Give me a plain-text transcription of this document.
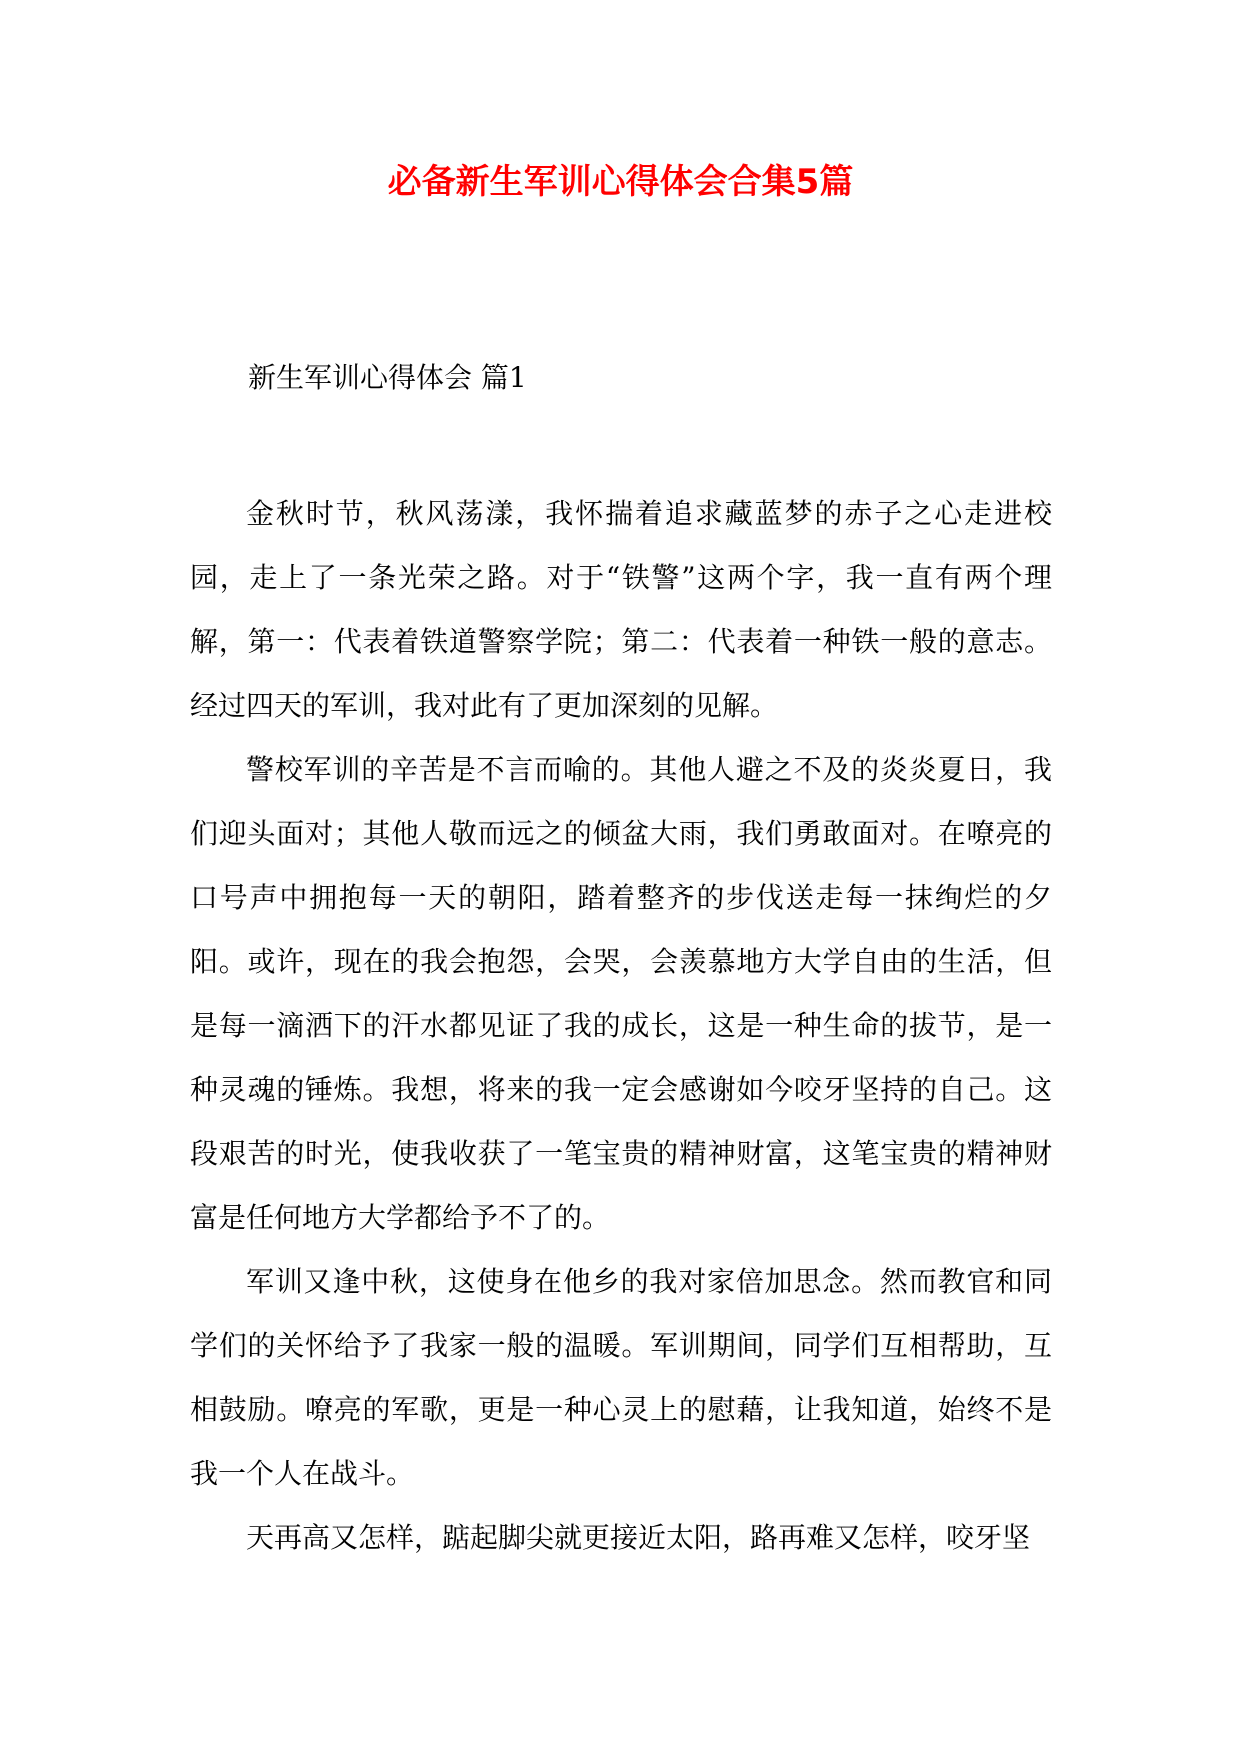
必备新生军训心得体会合集5篇
新生军训心得体会 篇1

金秋时节，秋风荡漾，我怀揣着追求藏蓝梦的赤子之心走进校园，走上了一条光荣之路。对于“铁警”这两个字，我一直有两个理解，第一：代表着铁道警察学院；第二：代表着一种铁一般的意志。经过四天的军训，我对此有了更加深刻的见解。

警校军训的辛苦是不言而喻的。其他人避之不及的炎炎夏日，我们迎头面对；其他人敬而远之的倾盆大雨，我们勇敢面对。在嘹亮的口号声中拥抱每一天的朝阳，踏着整齐的步伐送走每一抹绚烂的夕阳。或许，现在的我会抱怨，会哭，会羡慕地方大学自由的生活，但是每一滴洒下的汗水都见证了我的成长，这是一种生命的拔节，是一种灵魂的锤炼。我想，将来的我一定会感谢如今咬牙坚持的自己。这段艰苦的时光，使我收获了一笔宝贵的精神财富，这笔宝贵的精神财富是任何地方大学都给予不了的。

军训又逢中秋，这使身在他乡的我对家倍加思念。然而教官和同学们的关怀给予了我家一般的温暖。军训期间，同学们互相帮助，互相鼓励。嘹亮的军歌，更是一种心灵上的慰藉，让我知道，始终不是我一个人在战斗。

天再高又怎样，踮起脚尖就更接近太阳，路再难又怎样，咬牙坚
